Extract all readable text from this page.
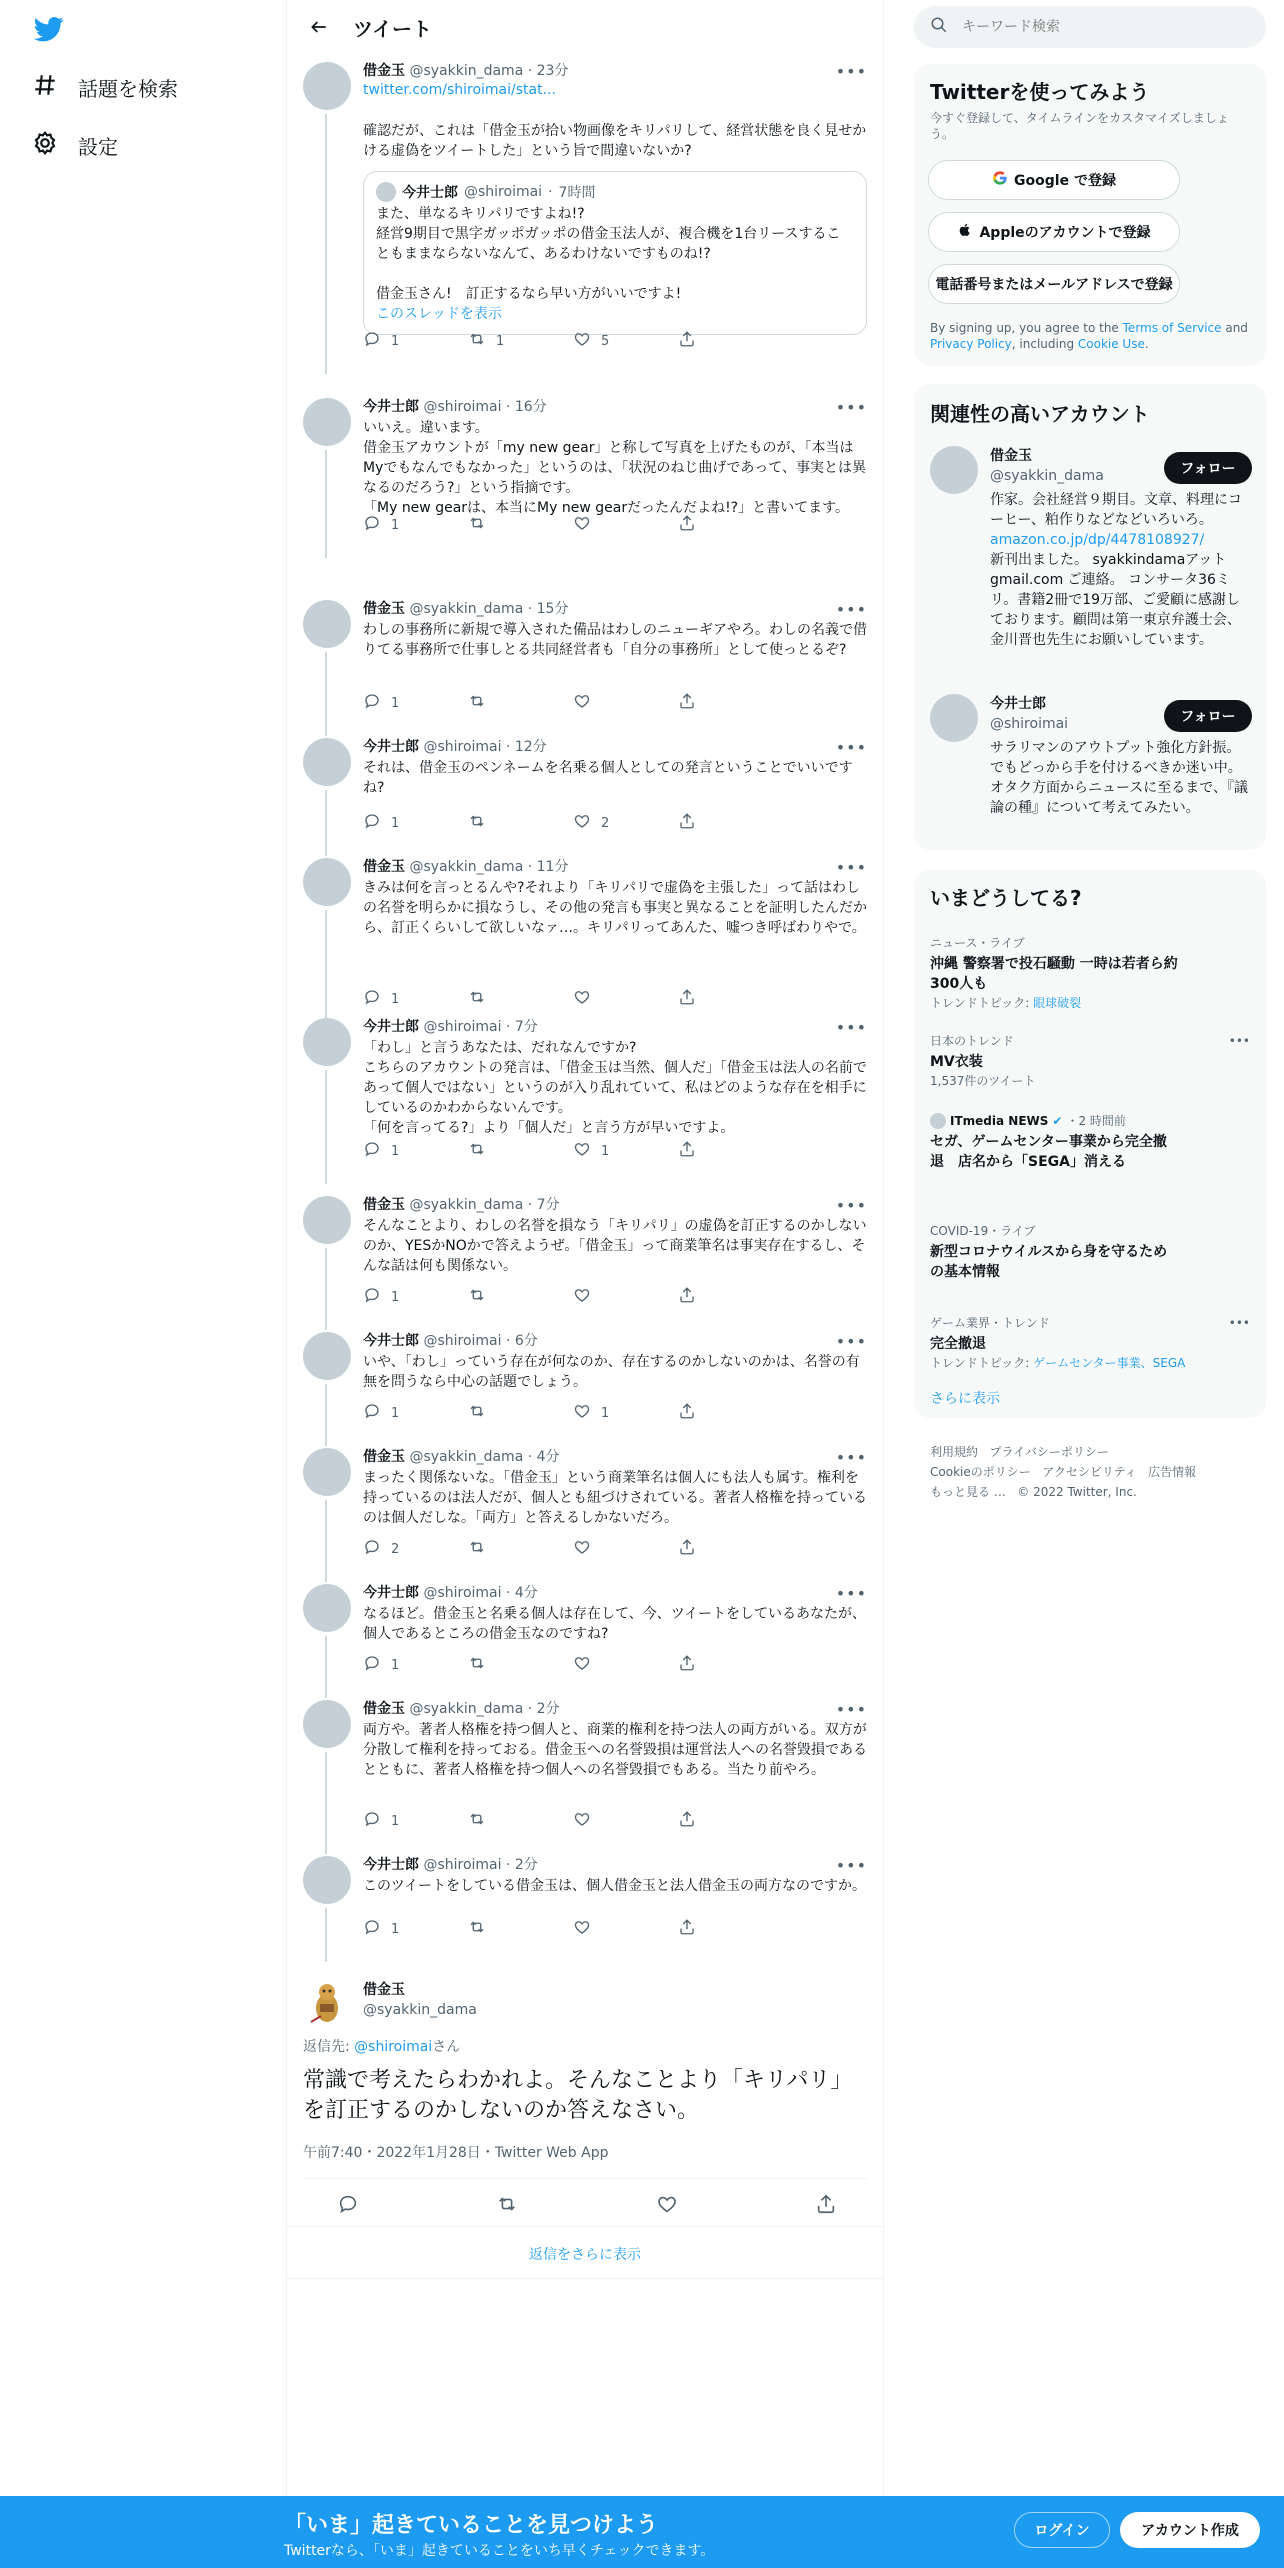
話題を検索
設定
ツイート
借金玉 @syakkin_dama · 23分	•••
twitter.com/shiroimai/stat...

確認だが、これは「借金玉が拾い物画像をキリパリして、経営状態を良く見せかける虚偽をツイートした」という旨で間違いないか?
今井士郎 @shiroimai · 7時間
また、単なるキリパリですよね!?
経営9期目で黒字ガッポガッポの借金玉法人が、複合機を1台リースすることもままならないなんて、あるわけないですものね!?

借金玉さん!　訂正するなら早い方がいいですよ!
このスレッドを表示
1	1	5
今井士郎 @shiroimai · 16分	•••
いいえ。違います。
借金玉アカウントが「my new gear」と称して写真を上げたものが、「本当はMyでもなんでもなかった」というのは、「状況のねじ曲げであって、事実とは異なるのだろう?」という指摘です。
「My new gearは、本当にMy new gearだったんだよね!?」と書いてます。
1
借金玉 @syakkin_dama · 15分	•••
わしの事務所に新規で導入された備品はわしのニューギアやろ。わしの名義で借りてる事務所で仕事しとる共同経営者も「自分の事務所」として使っとるぞ?
1
今井士郎 @shiroimai · 12分	•••
それは、借金玉のペンネームを名乗る個人としての発言ということでいいですね?
1	2
借金玉 @syakkin_dama · 11分	•••
きみは何を言っとるんや?それより「キリパリで虚偽を主張した」って話はわしの名誉を明らかに損なうし、その他の発言も事実と異なることを証明したんだから、訂正くらいして欲しいなァ…。キリパリってあんた、嘘つき呼ばわりやで。
1
今井士郎 @shiroimai · 7分	•••
「わし」と言うあなたは、だれなんですか?
こちらのアカウントの発言は、「借金玉は当然、個人だ」「借金玉は法人の名前であって個人ではない」というのが入り乱れていて、私はどのような存在を相手にしているのかわからないんです。
「何を言ってる?」より「個人だ」と言う方が早いですよ。
1	1
借金玉 @syakkin_dama · 7分	•••
そんなことより、わしの名誉を損なう「キリパリ」の虚偽を訂正するのかしないのか、YESかNOかで答えようぜ。「借金玉」って商業筆名は事実存在するし、そんな話は何も関係ない。
1
今井士郎 @shiroimai · 6分	•••
いや、「わし」っていう存在が何なのか、存在するのかしないのかは、名誉の有無を問うなら中心の話題でしょう。
1	1
借金玉 @syakkin_dama · 4分	•••
まったく関係ないな。「借金玉」という商業筆名は個人にも法人も属す。権利を持っているのは法人だが、個人とも紐づけされている。著者人格権を持っているのは個人だしな。「両方」と答えるしかないだろ。
2
今井士郎 @shiroimai · 4分	•••
なるほど。借金玉と名乗る個人は存在して、今、ツイートをしているあなたが、個人であるところの借金玉なのですね?
1
借金玉 @syakkin_dama · 2分	•••
両方や。著者人格権を持つ個人と、商業的権利を持つ法人の両方がいる。双方が分散して権利を持っておる。借金玉への名誉毀損は運営法人への名誉毀損であるとともに、著者人格権を持つ個人への名誉毀損でもある。当たり前やろ。
1
今井士郎 @shiroimai · 2分	•••
このツイートをしている借金玉は、個人借金玉と法人借金玉の両方なのですか。
1
借金玉
@syakkin_dama
返信先: @shiroimaiさん
常識で考えたらわかれよ。そんなことより「キリパリ」を訂正するのかしないのか答えなさい。
午前7:40・2022年1月28日・Twitter Web App
返信をさらに表示
キーワード検索
Twitterを使ってみよう
今すぐ登録して、タイムラインをカスタマイズしましょう。
Google で登録
Appleのアカウントで登録
電話番号またはメールアドレスで登録
By signing up, you agree to the Terms of Service and Privacy Policy, including Cookie Use.
関連性の高いアカウント
借金玉
@syakkin_dama	フォロー
作家。会社経営９期目。文章、料理にコーヒー、粕作りなどなどいろいろ。amazon.co.jp/dp/4478108927/
新刊出ました。 syakkindamaアットgmail.com ご連絡。 コンサータ36ミリ。書籍2冊で19万部、ご愛顧に感謝しております。顧問は第一東京弁護士会、金川晋也先生にお願いしています。
今井士郎
@shiroimai	フォロー
サラリマンのアウトプット強化方針振。でもどっから手を付けるべきか迷い中。オタク方面からニュースに至るまで、『議論の種』について考えてみたい。
いまどうしてる?
ニュース・ライブ
沖縄 警察署で投石騒動 一時は若者ら約300人も
トレンドトピック: 眼球破裂
日本のトレンド	•••
MV衣装
1,537件のツイート
ITmedia NEWS ✔ ・2 時間前
セガ、ゲームセンター事業から完全撤退　店名から「SEGA」消える
COVID-19・ライブ
新型コロナウイルスから身を守るための基本情報
ゲーム業界・トレンド	•••
完全撤退
トレンドトピック: ゲームセンター事業、SEGA
さらに表示
利用規約 プライバシーポリシー
Cookieのポリシー アクセシビリティ 広告情報
もっと見る … © 2022 Twitter, Inc.
「いま」起きていることを見つけよう
Twitterなら、「いま」起きていることをいち早くチェックできます。
ログイン	アカウント作成
